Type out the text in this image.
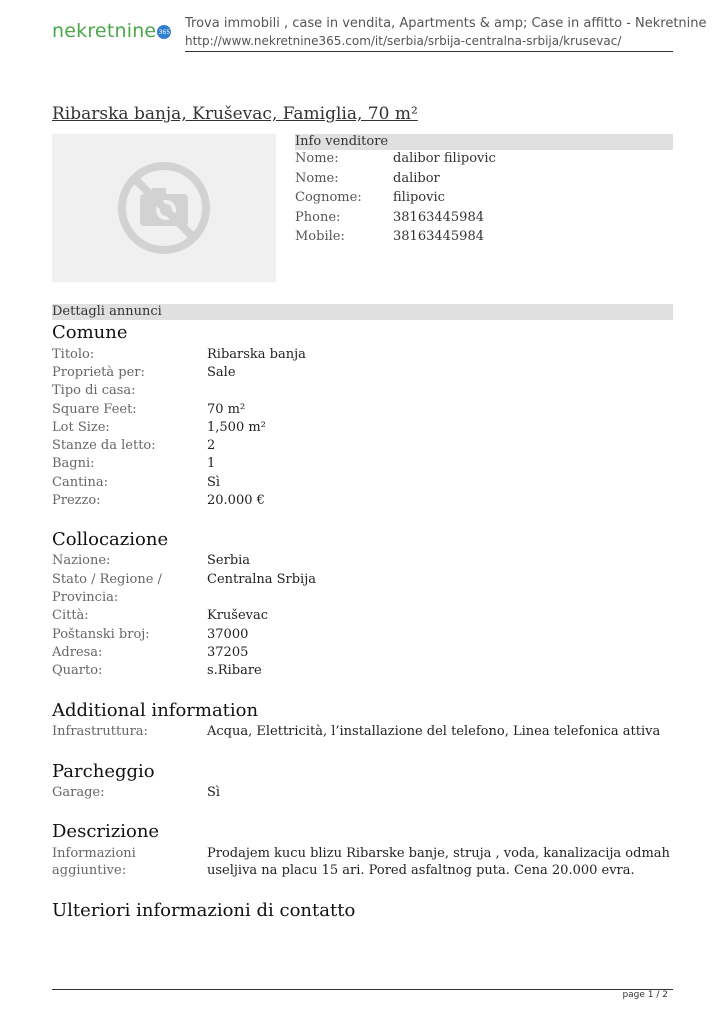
nekretnine 365
Trova immobili , case in vendita, Apartments & amp; Case in affitto - Nekretnine
http://www.nekretnine365.com/it/serbia/srbija-centralna-srbija/krusevac/
Ribarska banja, Kruševac, Famiglia, 70 m²
Info venditore
Nome:	dalibor filipovic
Nome:	dalibor
Cognome: filipovic
Phone:	38163445984
Mobile:	38163445984
Dettagli annunci
Comune
Titolo:	Ribarska banja
Proprietà per:	Sale
Tipo di casa:
Square Feet:	70 m²
Lot Size:	1,500 m²
Stanze da letto:	2
Bagni:	1
Cantina:	Sì
Prezzo:	20.000 €
Collocazione
Nazione:	Serbia
Stato / Regione /	Centralna Srbija
Provincia:
Città:	Kruševac
Poštanski broj:	37000
Adresa:	37205
Quarto:	s.Ribare
Additional information
Infrastruttura:	Acqua, Elettricità, l’installazione del telefono, Linea telefonica attiva
Parcheggio
Garage:	Sì
Descrizione
Informazioni aggiuntive:
Prodajem kucu blizu Ribarske banje, struja , voda, kanalizacija odmah useljiva na placu 15 ari. Pored asfaltnog puta. Cena 20.000 evra.
Ulteriori informazioni di contatto
page 1 / 2
